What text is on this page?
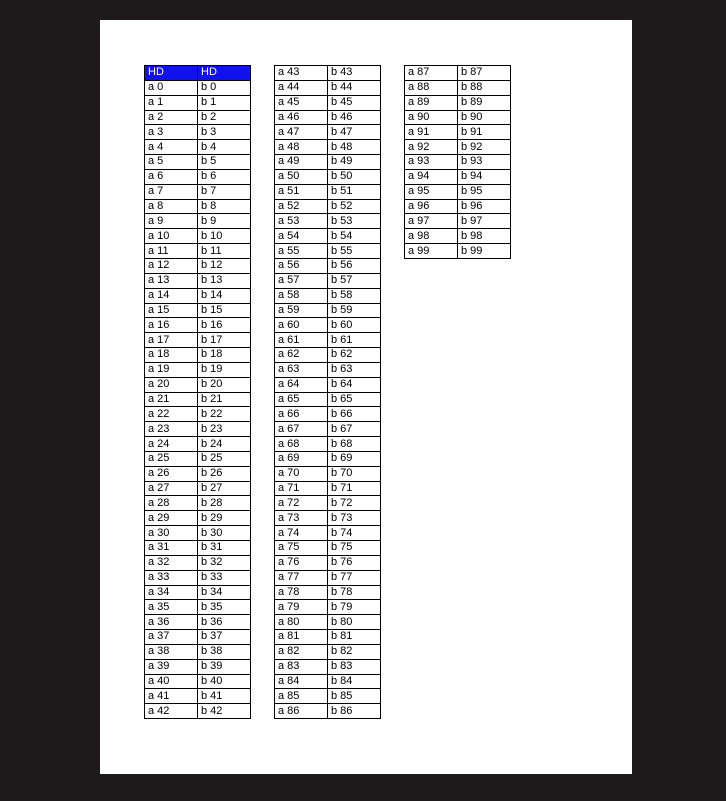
HD	HD
a 0	b 0
a 1	b 1
a 2	b 2
a 3	b 3
a 4	b 4
a 5	b 5
a 6	b 6
a 7	b 7
a 8	b 8
a 9	b 9
a 10	b 10
a 11	b 11
a 12	b 12
a 13	b 13
a 14	b 14
a 15	b 15
a 16	b 16
a 17	b 17
a 18	b 18
a 19	b 19
a 20	b 20
a 21	b 21
a 22	b 22
a 23	b 23
a 24	b 24
a 25	b 25
a 26	b 26
a 27	b 27
a 28	b 28
a 29	b 29
a 30	b 30
a 31	b 31
a 32	b 32
a 33	b 33
a 34	b 34
a 35	b 35
a 36	b 36
a 37	b 37
a 38	b 38
a 39	b 39
a 40	b 40
a 41	b 41
a 42	b 42
a 43	b 43
a 44	b 44
a 45	b 45
a 46	b 46
a 47	b 47
a 48	b 48
a 49	b 49
a 50	b 50
a 51	b 51
a 52	b 52
a 53	b 53
a 54	b 54
a 55	b 55
a 56	b 56
a 57	b 57
a 58	b 58
a 59	b 59
a 60	b 60
a 61	b 61
a 62	b 62
a 63	b 63
a 64	b 64
a 65	b 65
a 66	b 66
a 67	b 67
a 68	b 68
a 69	b 69
a 70	b 70
a 71	b 71
a 72	b 72
a 73	b 73
a 74	b 74
a 75	b 75
a 76	b 76
a 77	b 77
a 78	b 78
a 79	b 79
a 80	b 80
a 81	b 81
a 82	b 82
a 83	b 83
a 84	b 84
a 85	b 85
a 86	b 86
a 87	b 87
a 88	b 88
a 89	b 89
a 90	b 90
a 91	b 91
a 92	b 92
a 93	b 93
a 94	b 94
a 95	b 95
a 96	b 96
a 97	b 97
a 98	b 98
a 99	b 99
